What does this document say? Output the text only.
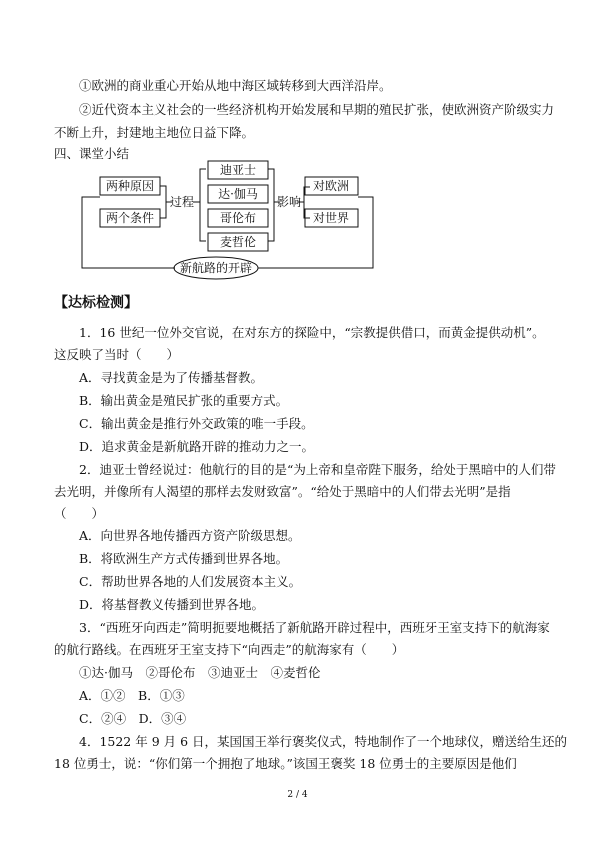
①欧洲的商业重心开始从地中海区域转移到大西洋沿岸。
②近代资本主义社会的一些经济机构开始发展和早期的殖民扩张，使欧洲资产阶级实力
不断上升，封建地主地位日益下降。
四、课堂小结
两种原因
两个条件
过程
迪亚士
达·伽马
哥伦布
麦哲伦
影响
对欧洲
对世界
新航路的开辟
【达标检测】
1．16 世纪一位外交官说，在对东方的探险中，“宗教提供借口，而黄金提供动机”。
这反映了当时（　　）
A．寻找黄金是为了传播基督教。
B．输出黄金是殖民扩张的重要方式。
C．输出黄金是推行外交政策的唯一手段。
D．追求黄金是新航路开辟的推动力之一。
2．迪亚士曾经说过：他航行的目的是“为上帝和皇帝陛下服务，给处于黑暗中的人们带
去光明，并像所有人渴望的那样去发财致富”。“给处于黑暗中的人们带去光明”是指
（　　）
A．向世界各地传播西方资产阶级思想。
B．将欧洲生产方式传播到世界各地。
C．帮助世界各地的人们发展资本主义。
D．将基督教义传播到世界各地。
3．“西班牙向西走”简明扼要地概括了新航路开辟过程中，西班牙王室支持下的航海家
的航行路线。在西班牙王室支持下“向西走”的航海家有（　　）
①达·伽马　②哥伦布　③迪亚士　④麦哲伦
A．①②　B．①③
C．②④　D．③④
4．1522 年 9 月 6 日，某国国王举行褒奖仪式，特地制作了一个地球仪，赠送给生还的
18 位勇士，说：“你们第一个拥抱了地球。”该国王褒奖 18 位勇士的主要原因是他们
2 / 4
